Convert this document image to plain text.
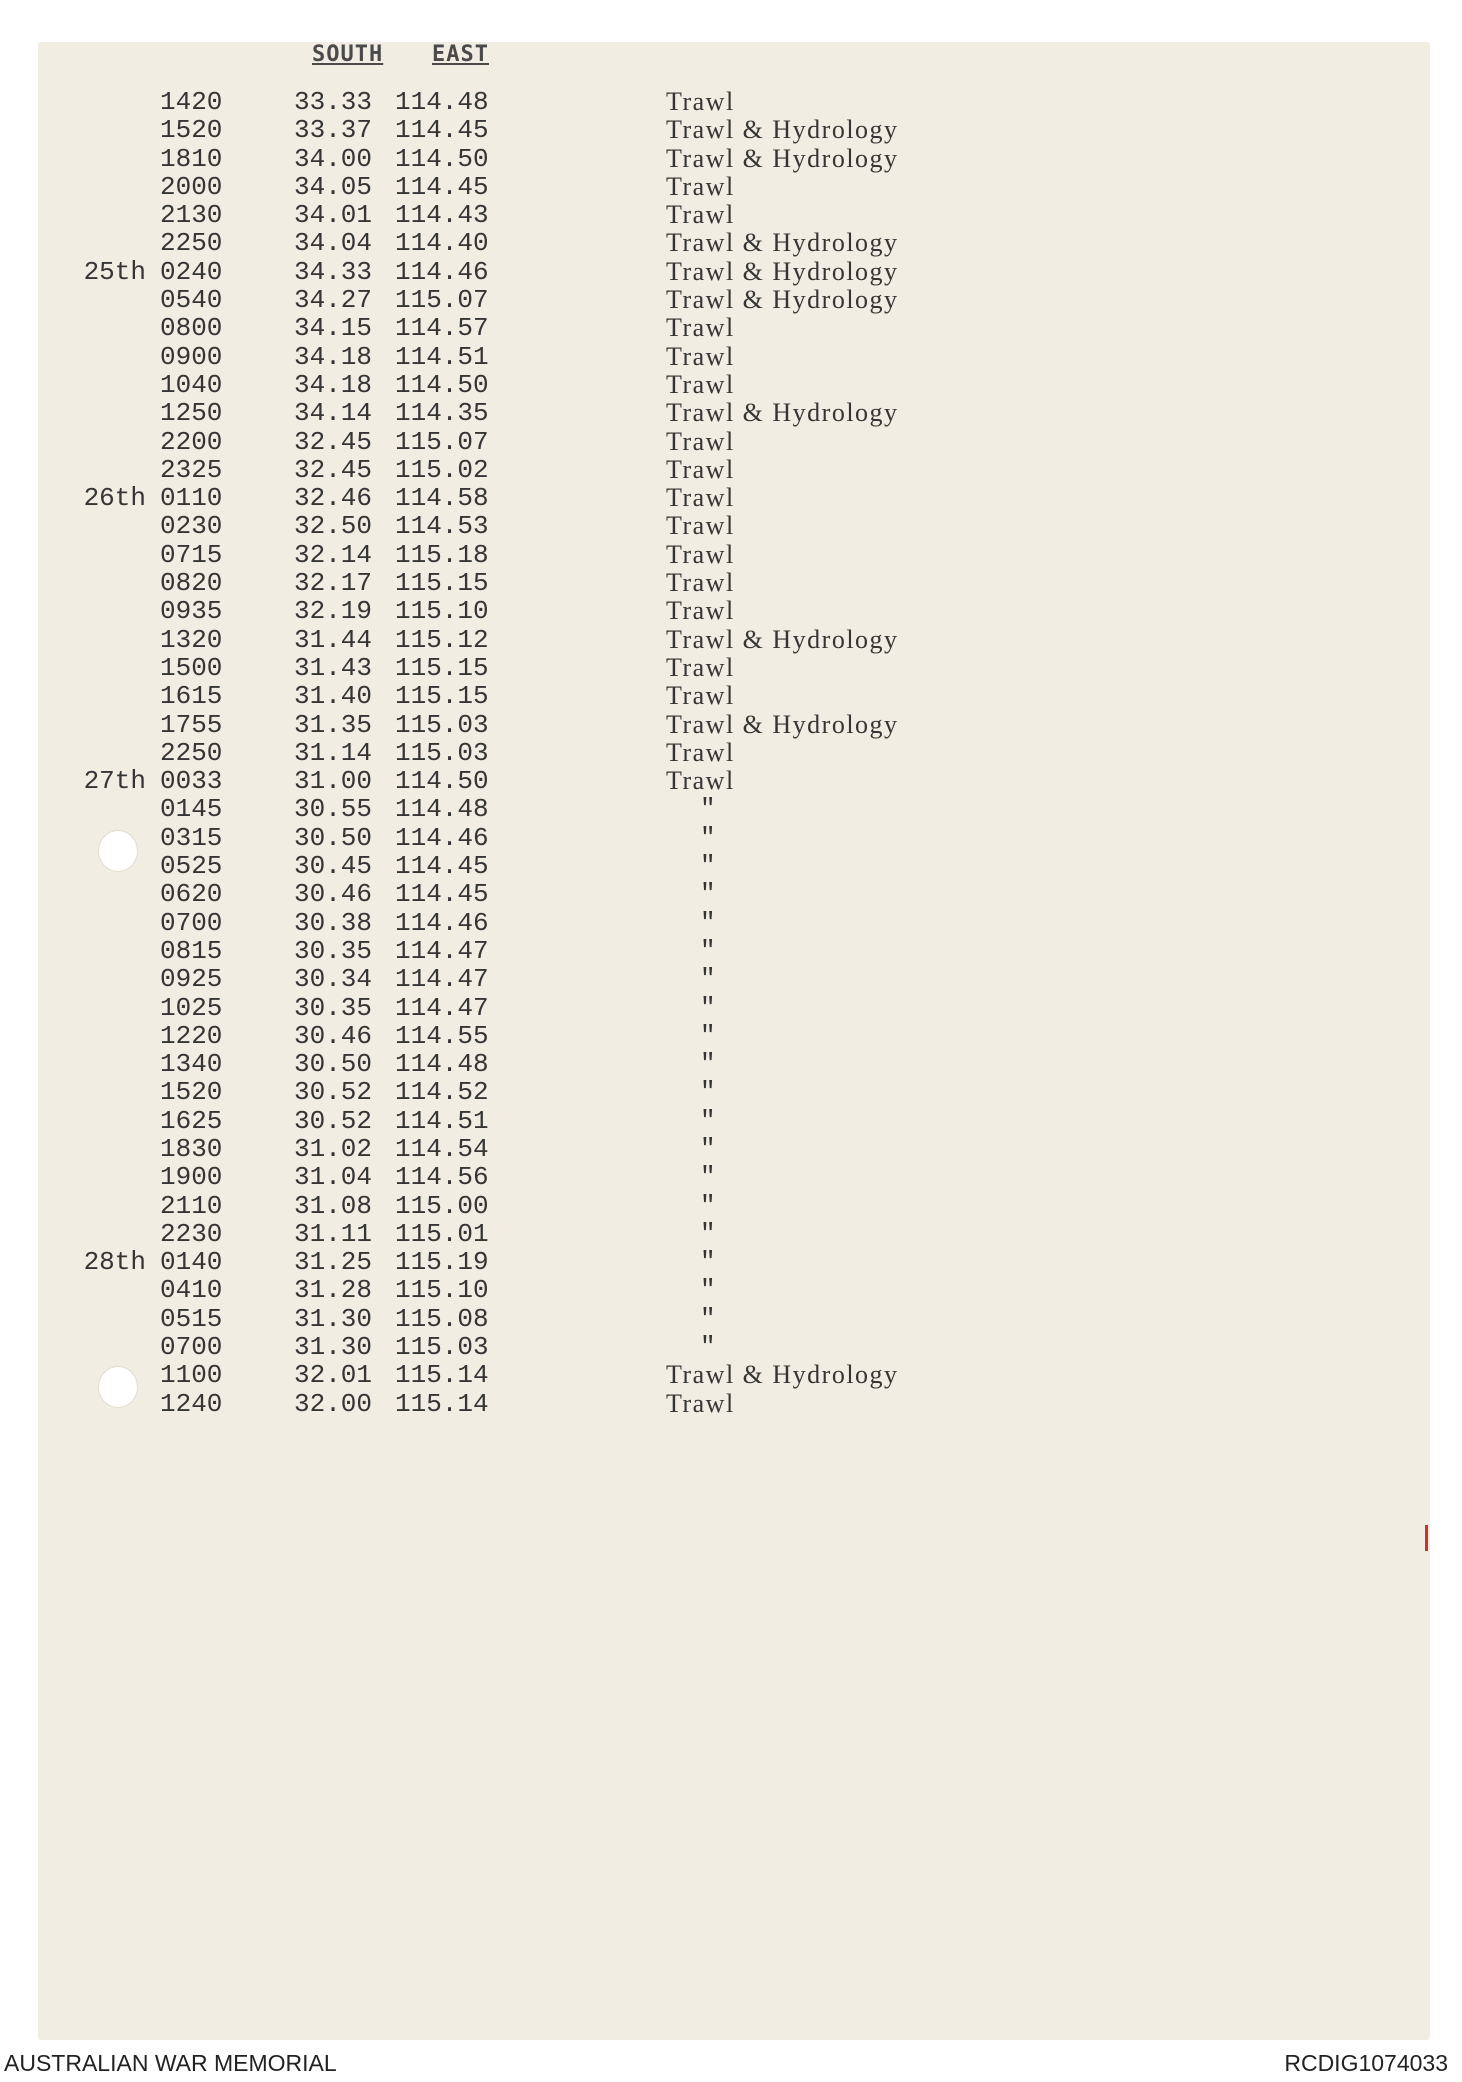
SOUTH EAST
1420	33.33 114.48	Trawl
1520	33.37 114.45	Trawl & Hydrology
1810	34.00 114.50	Trawl & Hydrology
2000	34.05 114.45	Trawl
2130	34.01 114.43	Trawl
2250	34.04 114.40	Trawl & Hydrology
25th 0240	34.33 114.46	Trawl & Hydrology
0540	34.27 115.07	Trawl & Hydrology
0800	34.15 114.57	Trawl
0900	34.18 114.51	Trawl
1040	34.18 114.50	Trawl
1250	34.14 114.35	Trawl & Hydrology
2200	32.45 115.07	Trawl
2325	32.45 115.02	Trawl
26th 0110	32.46 114.58	Trawl
0230	32.50 114.53	Trawl
0715	32.14 115.18	Trawl
0820	32.17 115.15	Trawl
0935	32.19 115.10	Trawl
1320	31.44 115.12	Trawl & Hydrology
1500	31.43 115.15	Trawl
1615	31.40 115.15	Trawl
1755	31.35 115.03	Trawl & Hydrology
2250	31.14 115.03	Trawl
27th 0033	31.00 114.50	Trawl
0145	30.55 114.48	"
0315	30.50 114.46	"
0525	30.45 114.45	"
0620	30.46 114.45	"
0700	30.38 114.46	"
0815	30.35 114.47	"
0925	30.34 114.47	"
1025	30.35 114.47	"
1220	30.46 114.55	"
1340	30.50 114.48	"
1520	30.52 114.52	"
1625	30.52 114.51	"
1830	31.02 114.54	"
1900	31.04 114.56	"
2110	31.08 115.00	"
2230	31.11 115.01	"
28th 0140	31.25 115.19	"
0410	31.28 115.10	"
0515	31.30 115.08	"
0700	31.30 115.03	"
1100	32.01 115.14	Trawl & Hydrology
1240	32.00 115.14	Trawl
AUSTRALIAN WAR MEMORIAL	RCDIG1074033
